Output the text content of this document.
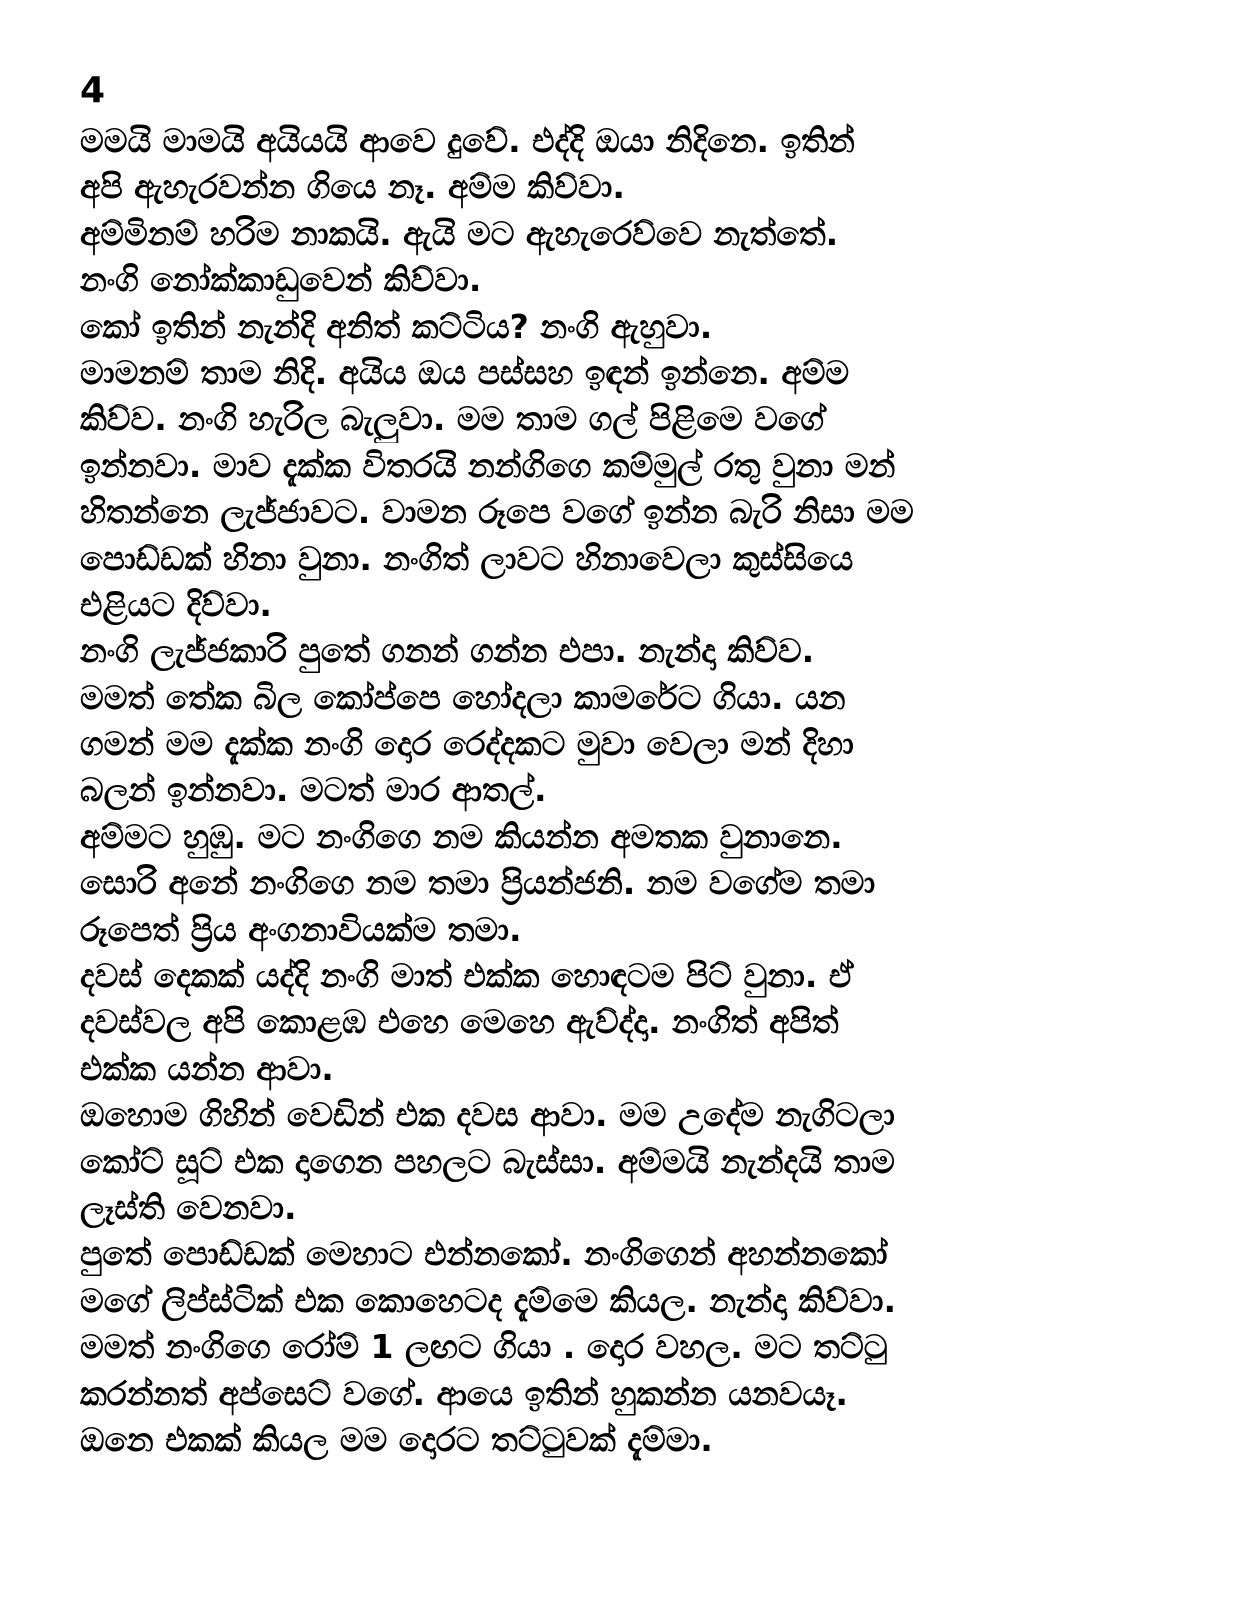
4
මමයි මාමයි අයියයි ආවෙ දුවේ. එද්දි ඔයා නිදිනෙ. ඉතින්
අපි ඇහැරවන්න ගියෙ නෑ. අම්ම කිව්වා.
අම්මිනම් හරිම නාකයි. ඇයි මට ඇහැරෙව්වෙ නැත්තේ.
නංගි නෝක්කාඩුවෙන් කිව්වා.
කෝ ඉතින් නැන්දි අනිත් කට්ටිය? නංගි ඇහුවා.
මාමනම් තාම නිදි. අයිය ඔය පස්සහ ඉඳන් ඉන්නෙ. අම්ම
කිව්ව. නංගි හැරිල බැලුවා. මම තාම ගල් පිළිමෙ වගේ
ඉන්නවා. මාව දැක්ක විතරයි නන්ගිගෙ කම්මුල් රතු වුනා මන්
හිතන්නෙ ලැජ්ජාවට. වාමන රූපෙ වගේ ඉන්න බැරි නිසා මම
පොඩ්ඩක් හිනා වුනා. නංගිත් ලාවට හිනාවෙලා කුස්සියෙ
එළියට දිව්වා.
නංගි ලැජ්ජකාරි පුතේ ගනන් ගන්න එපා. නැන්දා කිව්ව.
මමත් තේක බිල කෝප්පෙ හෝදලා කාමරේට ගියා. යන
ගමන් මම දැක්ක නංගි දොර රෙද්දකට මුවා වෙලා මන් දිහා
බලන් ඉන්නවා. මටත් මාර ආතල්.
අම්මට හුඹු. මට නංගිගෙ නම කියන්න අමතක වුනානෙ.
සොරි අනේ නංගිගෙ නම තමා ප්‍රියන්ජනි. නම වගේම තමා
රූපෙත් ප්‍රිය අංගනාවියක්ම තමා.
දවස් දෙකක් යද්දි නංගි මාත් එක්ක හොඳටම පිට් වුනා. ඒ
දවස්වල අපි කොළඹ එහෙ මෙහෙ ඇව්ද්දා. නංගිත් අපිත්
එක්ක යන්න ආවා.
ඔහොම ගිහින් වෙඩින් එක දවස ආවා. මම උදේම නැගිටලා
කෝට් සූට් එක දාගෙන පහලට බැස්සා. අම්මයි නැන්දයි තාම
ලෑස්ති වෙනවා.
පුතේ පොඩ්ඩක් මෙහාට එන්නකෝ. නංගිගෙන් අහන්නකෝ
මගේ ලිප්ස්ටික් එක කොහෙටද දැම්මෙ කියල. නැන්දා කිව්වා.
මමත් නංගිගෙ රෝම් 1 ලඟට ගියා . දොර වහල. මට තට්ටු
කරන්නත් අප්සෙට් වගේ. ආයෙ ඉතින් හුකන්න යනවයෑ.
ඔනෙ එකක් කියල මම දොරට තට්ටුවක් දැම්මා.
